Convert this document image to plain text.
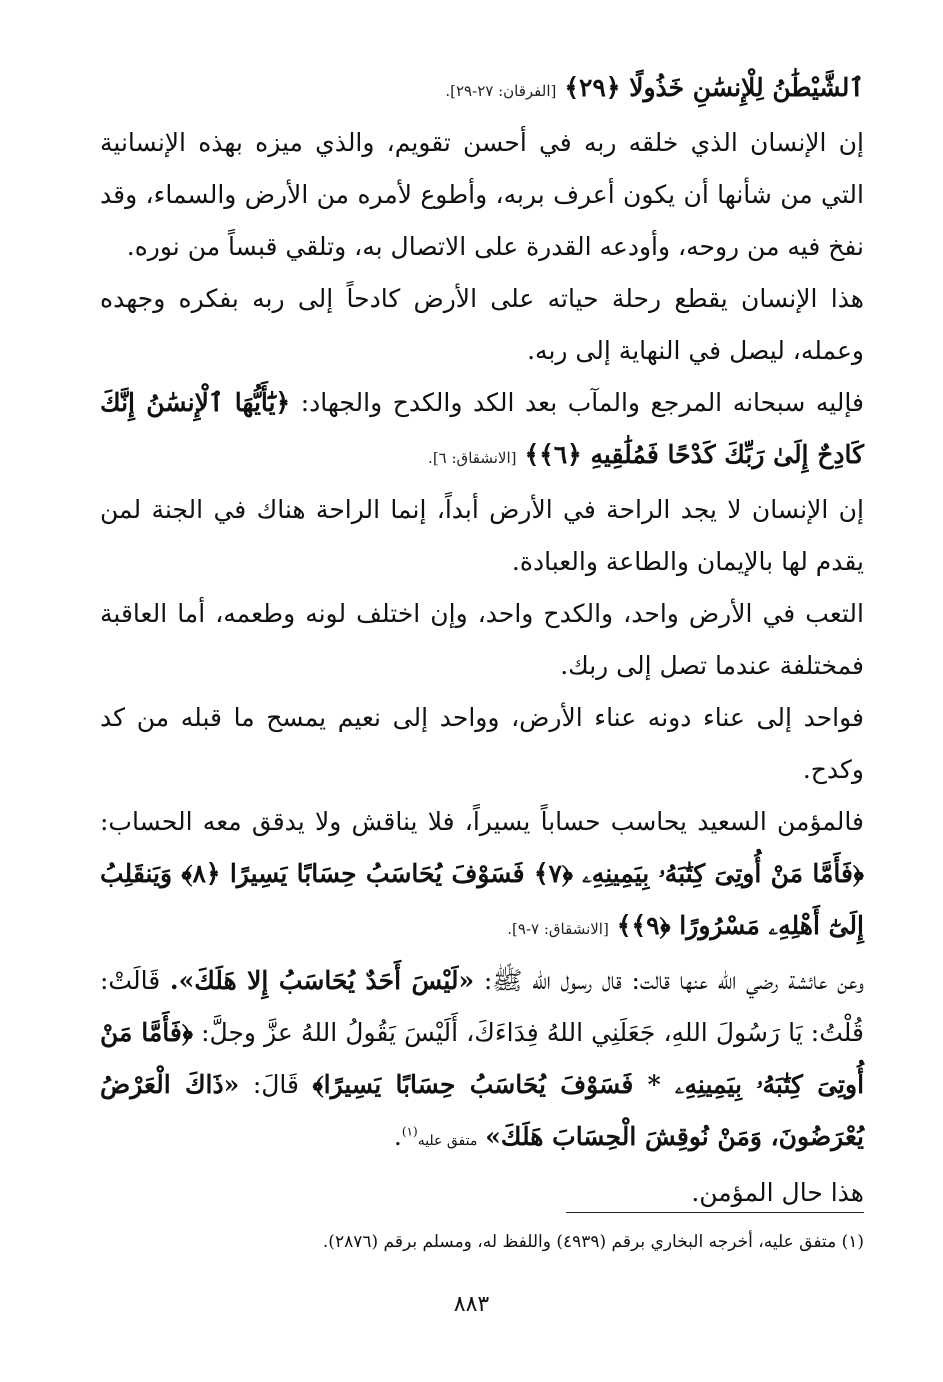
ٱلشَّيْطَٰنُ لِلْإِنسَٰنِ خَذُولًا ﴿٢٩﴾ [الفرقان: ٢٧-٢٩].

إن الإنسان الذي خلقه ربه في أحسن تقويم، والذي ميزه بهذه الإنسانية التي من شأنها أن يكون أعرف بربه، وأطوع لأمره من الأرض والسماء، وقد نفخ فيه من روحه، وأودعه القدرة على الاتصال به، وتلقي قبساً من نوره.

هذا الإنسان يقطع رحلة حياته على الأرض كادحاً إلى ربه بفكره وجهده وعمله، ليصل في النهاية إلى ربه.

فإليه سبحانه المرجع والمآب بعد الكد والكدح والجهاد: ﴿يَٰٓأَيُّهَا ٱلْإِنسَٰنُ إِنَّكَ كَادِحٌ إِلَىٰ رَبِّكَ كَدْحًا فَمُلَٰقِيهِ ﴿٦﴾﴾ [الانشقاق: ٦].

إن الإنسان لا يجد الراحة في الأرض أبداً، إنما الراحة هناك في الجنة لمن يقدم لها بالإيمان والطاعة والعبادة.

التعب في الأرض واحد، والكدح واحد، وإن اختلف لونه وطعمه، أما العاقبة فمختلفة عندما تصل إلى ربك.

فواحد إلى عناء دونه عناء الأرض، وواحد إلى نعيم يمسح ما قبله من كد وكدح.

فالمؤمن السعيد يحاسب حساباً يسيراً، فلا يناقش ولا يدقق معه الحساب: ﴿فَأَمَّا مَنْ أُوتِىَ كِتَٰبَهُۥ بِيَمِينِهِۦ ﴿٧﴾ فَسَوْفَ يُحَاسَبُ حِسَابًا يَسِيرًا ﴿٨﴾ وَيَنقَلِبُ إِلَىٰٓ أَهْلِهِۦ مَسْرُورًا ﴿٩﴾﴾ [الانشقاق: ٧-٩].

وعن عائشة رضي الله عنها قالت: قال رسول الله ﷺ: «لَيْسَ أَحَدٌ يُحَاسَبُ إِلا هَلَكَ». قَالَتْ: قُلْتُ: يَا رَسُولَ اللهِ، جَعَلَنِي اللهُ فِدَاءَكَ، أَلَيْسَ يَقُولُ اللهُ عزَّ وجلَّ: ﴿فَأَمَّا مَنْ أُوتِىَ كِتَٰبَهُۥ بِيَمِينِهِۦ * فَسَوْفَ يُحَاسَبُ حِسَابًا يَسِيرًا﴾ قَالَ: «ذَاكَ الْعَرْضُ يُعْرَضُونَ، وَمَنْ نُوقِشَ الْحِسَابَ هَلَكَ» متفق عليه$^{(١)}$.

هذا حال المؤمن.

(١) متفق عليه، أخرجه البخاري برقم (٤٩٣٩) واللفظ له، ومسلم برقم (٢٨٧٦).
٨٨٣
